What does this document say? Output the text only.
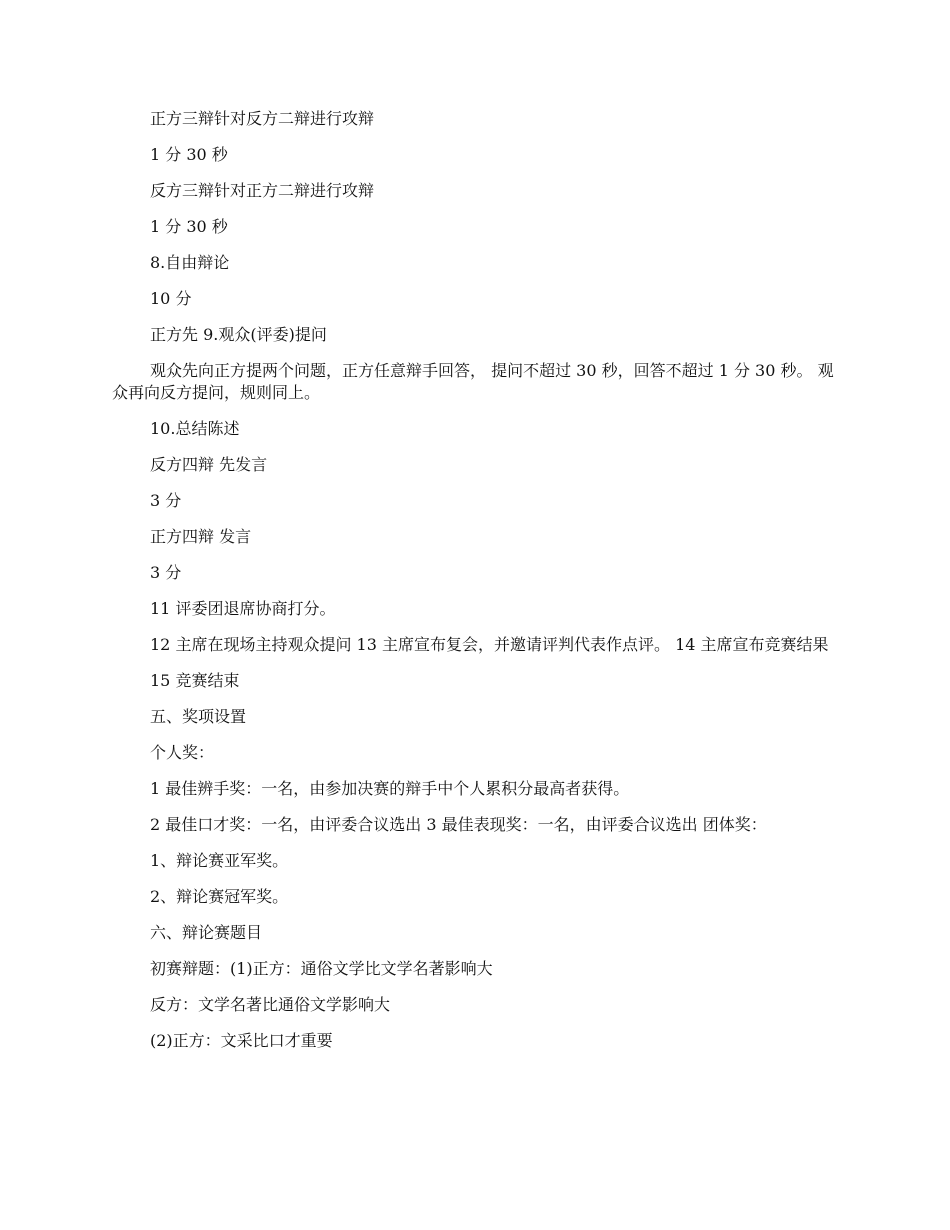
正方三辩针对反方二辩进行攻辩

1 分 30 秒

反方三辩针对正方二辩进行攻辩

1 分 30 秒

8.自由辩论

10 分

正方先 9.观众(评委)提问

观众先向正方提两个问题，正方任意辩手回答， 提问不超过 30 秒，回答不超过 1 分 30 秒。 观众再向反方提问，规则同上。

10.总结陈述

反方四辩 先发言

3 分

正方四辩 发言

3 分

11 评委团退席协商打分。

12 主席在现场主持观众提问 13 主席宣布复会，并邀请评判代表作点评。 14 主席宣布竞赛结果

15 竞赛结束

五、奖项设置

个人奖：

1 最佳辨手奖：一名，由参加决赛的辩手中个人累积分最高者获得。

2 最佳口才奖：一名，由评委合议选出 3 最佳表现奖：一名，由评委合议选出 团体奖：

1、辩论赛亚军奖。

2、辩论赛冠军奖。

六、辩论赛题目

初赛辩题：(1)正方：通俗文学比文学名著影响大

反方：文学名著比通俗文学影响大

(2)正方：文采比口才重要
